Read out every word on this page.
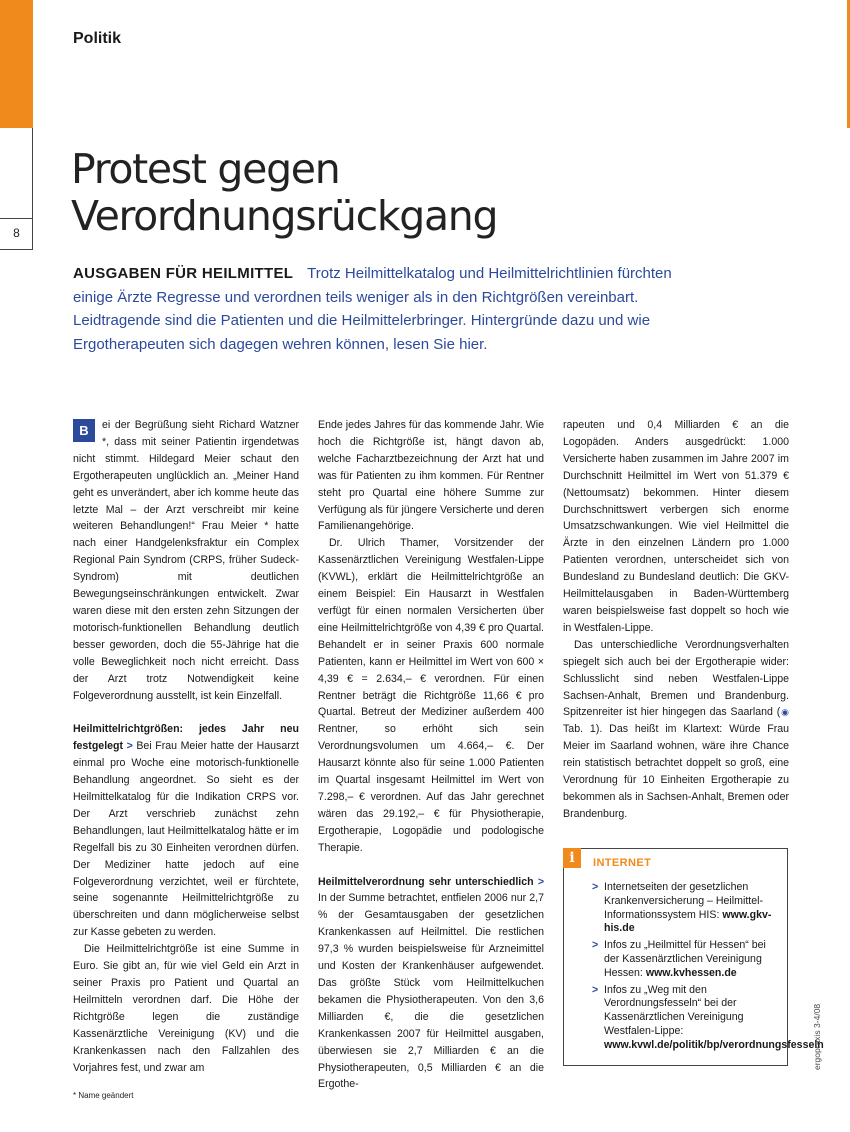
8
Politik
Protest gegen
Verordnungsrückgang

AUSGABEN FÜR HEILMITTEL Trotz Heilmittelkatalog und Heilmittelrichtlinien fürchten einige Ärzte Regresse und verordnen teils weniger als in den Richtgrößen vereinbart. Leidtragende sind die Patienten und die Heilmittelerbringer. Hintergründe dazu und wie Ergotherapeuten sich dagegen wehren können, lesen Sie hier.

B	ei der Begrüßung sieht Richard Watzner *, dass mit seiner Patientin irgendetwas nicht stimmt. Hildegard Meier schaut den Ergotherapeuten unglücklich an. „Meiner Hand geht es unverändert, aber ich komme heute das letzte Mal – der Arzt verschreibt mir keine weiteren Behandlungen!“ Frau Meier * hatte nach einer Handgelenksfraktur ein Complex Regional Pain Syndrom (CRPS, früher Sudeck-Syndrom) mit deutlichen Bewegungseinschränkungen entwickelt. Zwar waren diese mit den ersten zehn Sitzungen der motorisch-funktionellen Behandlung deutlich besser geworden, doch die 55-Jährige hat die volle Beweglichkeit noch nicht erreicht. Dass der Arzt trotz Notwendigkeit keine Folgeverordnung ausstellt, ist kein Einzelfall.

Heilmittelrichtgrößen: jedes Jahr neu festgelegt > Bei Frau Meier hatte der Hausarzt einmal pro Woche eine motorisch-funktionelle Behandlung angeordnet. So sieht es der Heilmittelkatalog für die Indikation CRPS vor. Der Arzt verschrieb zunächst zehn Behandlungen, laut Heilmittelkatalog hätte er im Regelfall bis zu 30 Einheiten verordnen dürfen. Der Mediziner hatte jedoch auf eine Folgeverordnung verzichtet, weil er fürchtete, seine sogenannte Heilmittelrichtgröße zu überschreiten und dann möglicherweise selbst zur Kasse gebeten zu werden.

Die Heilmittelrichtgröße ist eine Summe in Euro. Sie gibt an, für wie viel Geld ein Arzt in seiner Praxis pro Patient und Quartal an Heilmitteln verordnen darf. Die Höhe der Richtgröße legen die zuständige Kassenärztliche Vereinigung (KV) und die Krankenkassen nach den Fallzahlen des Vorjahres fest, und zwar am

Ende jedes Jahres für das kommende Jahr. Wie hoch die Richtgröße ist, hängt davon ab, welche Facharztbezeichnung der Arzt hat und was für Patienten zu ihm kommen. Für Rentner steht pro Quartal eine höhere Summe zur Verfügung als für jüngere Versicherte und deren Familienangehörige.

Dr. Ulrich Thamer, Vorsitzender der Kassenärztlichen Vereinigung Westfalen-Lippe (KVWL), erklärt die Heilmittelrichtgröße an einem Beispiel: Ein Hausarzt in Westfalen verfügt für einen normalen Versicherten über eine Heilmittelrichtgröße von 4,39 € pro Quartal. Behandelt er in seiner Praxis 600 normale Patienten, kann er Heilmittel im Wert von 600 × 4,39 € = 2.634,– € verordnen. Für einen Rentner beträgt die Richtgröße 11,66 € pro Quartal. Betreut der Mediziner außerdem 400 Rentner, so erhöht sich sein Verordnungsvolumen um 4.664,– €. Der Hausarzt könnte also für seine 1.000 Patienten im Quartal insgesamt Heilmittel im Wert von 7.298,– € verordnen. Auf das Jahr gerechnet wären das 29.192,– € für Physiotherapie, Ergotherapie, Logopädie und podologische Therapie.

Heilmittelverordnung sehr unterschiedlich > In der Summe betrachtet, entfielen 2006 nur 2,7 % der Gesamtausgaben der gesetzlichen Krankenkassen auf Heilmittel. Die restlichen 97,3 % wurden beispielsweise für Arzneimittel und Kosten der Krankenhäuser aufgewendet. Das größte Stück vom Heilmittelkuchen bekamen die Physiotherapeuten. Von den 3,6 Milliarden €, die die gesetzlichen Krankenkassen 2007 für Heilmittel ausgaben, überwiesen sie 2,7 Milliarden € an die Physiotherapeuten, 0,5 Milliarden € an die Ergothe-

rapeuten und 0,4 Milliarden € an die Logopäden. Anders ausgedrückt: 1.000 Versicherte haben zusammen im Jahre 2007 im Durchschnitt Heilmittel im Wert von 51.379 € (Nettoumsatz) bekommen. Hinter diesem Durchschnittswert verbergen sich enorme Umsatzschwankungen. Wie viel Heilmittel die Ärzte in den einzelnen Ländern pro 1.000 Patienten verordnen, unterscheidet sich von Bundesland zu Bundesland deutlich: Die GKV-Heilmittelausgaben in Baden-Württemberg waren beispielsweise fast doppelt so hoch wie in Westfalen-Lippe.

Das unterschiedliche Verordnungsverhalten spiegelt sich auch bei der Ergotherapie wider: Schlusslicht sind neben Westfalen-Lippe Sachsen-Anhalt, Bremen und Brandenburg. Spitzenreiter ist hier hingegen das Saarland (◉ Tab. 1). Das heißt im Klartext: Würde Frau Meier im Saarland wohnen, wäre ihre Chance rein statistisch betrachtet doppelt so groß, eine Verordnung für 10 Einheiten Ergotherapie zu bekommen als in Sachsen-Anhalt, Bremen oder Brandenburg.

i	INTERNET
> Internetseiten der gesetzlichen Krankenversicherung – Heilmittel-Informationssystem HIS: www.gkv-his.de
> Infos zu „Heilmittel für Hessen“ bei der Kassenärztlichen Vereinigung Hessen: www.kvhessen.de
> Infos zu „Weg mit den Verordnungsfesseln“ bei der Kassenärztlichen Vereinigung Westfalen-Lippe: www.kvwl.de/politik/bp/verordnungsfesseln
ergopraxis 3-4/08
* Name geändert
